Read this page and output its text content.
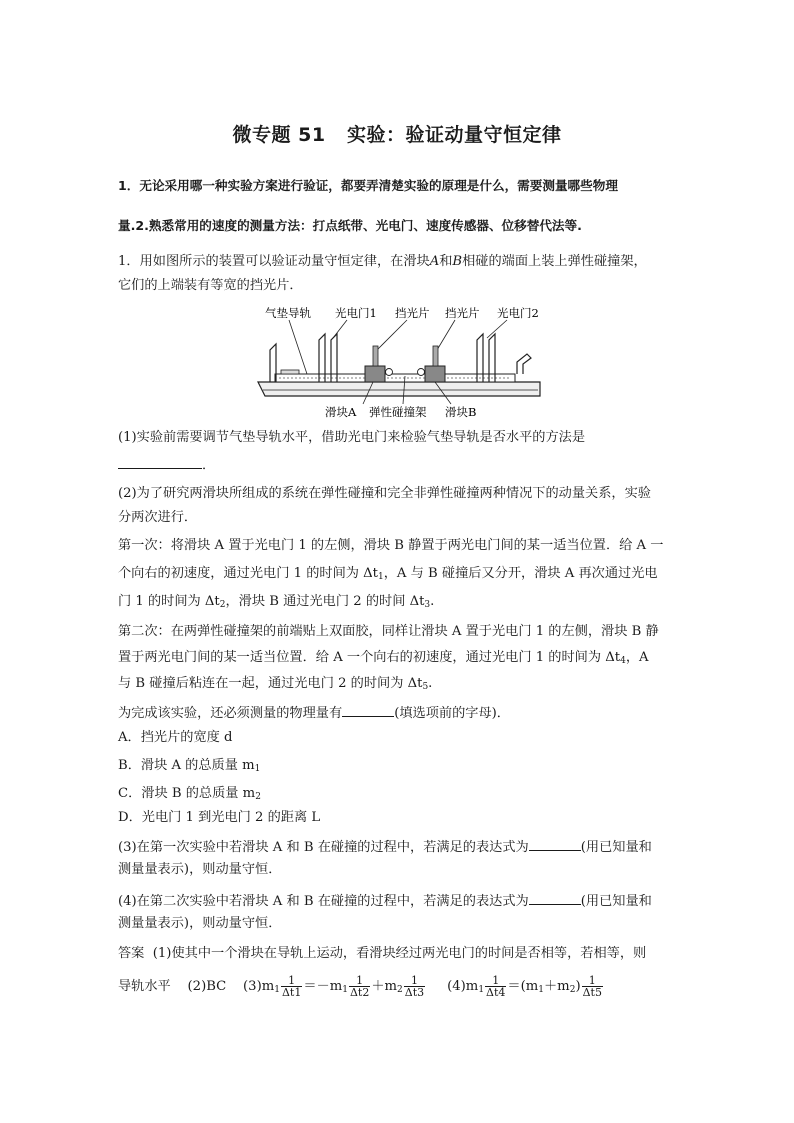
微专题 51 实验：验证动量守恒定律
1．无论采用哪一种实验方案进行验证，都要弄清楚实验的原理是什么，需要测量哪些物理
量.2.熟悉常用的速度的测量方法：打点纸带、光电门、速度传感器、位移替代法等.
1．用如图所示的装置可以验证动量守恒定律，在滑块A和B相碰的端面上装上弹性碰撞架，
它们的上端装有等宽的挡光片．
气垫导轨 光电门1 挡光片 挡光片 光电门2
滑块A 弹性碰撞架 滑块B
(1)实验前需要调节气垫导轨水平，借助光电门来检验气垫导轨是否水平的方法是
．
(2)为了研究两滑块所组成的系统在弹性碰撞和完全非弹性碰撞两种情况下的动量关系，实验
分两次进行．
第一次：将滑块 A 置于光电门 1 的左侧，滑块 B 静置于两光电门间的某一适当位置．给 A 一
个向右的初速度，通过光电门 1 的时间为 $\Delta t_1$，A 与 B 碰撞后又分开，滑块 A 再次通过光电
门 1 的时间为 $\Delta t_2$，滑块 B 通过光电门 2 的时间 $\Delta t_3$.
第二次：在两弹性碰撞架的前端贴上双面胶，同样让滑块 A 置于光电门 1 的左侧，滑块 B 静
置于两光电门间的某一适当位置．给 A 一个向右的初速度，通过光电门 1 的时间为 $\Delta t_4$，A
与 B 碰撞后粘连在一起，通过光电门 2 的时间为 $\Delta t_5$.
为完成该实验，还必须测量的物理量有	(填选项前的字母)．
A．挡光片的宽度 d
B．滑块 A 的总质量 $m_1$
C．滑块 B 的总质量 $m_2$
D．光电门 1 到光电门 2 的距离 L
(3)在第一次实验中若滑块 A 和 B 在碰撞的过程中，若满足的表达式为	(用已知量和
测量量表示)，则动量守恒．
(4)在第二次实验中若滑块 A 和 B 在碰撞的过程中，若满足的表达式为	(用已知量和
测量量表示)，则动量守恒．
答案 (1)使其中一个滑块在导轨上运动，看滑块经过两光电门的时间是否相等，若相等，则
导轨水平 (2)BC $(3)m_1 \frac{1}{\Delta t1} =-m_1 \frac{1}{\Delta t2} +m_2 \frac{1}{\Delta t3} (4)m_1 \frac{1}{\Delta t4} =(m_1+m_2) \frac{1}{\Delta t5}$
